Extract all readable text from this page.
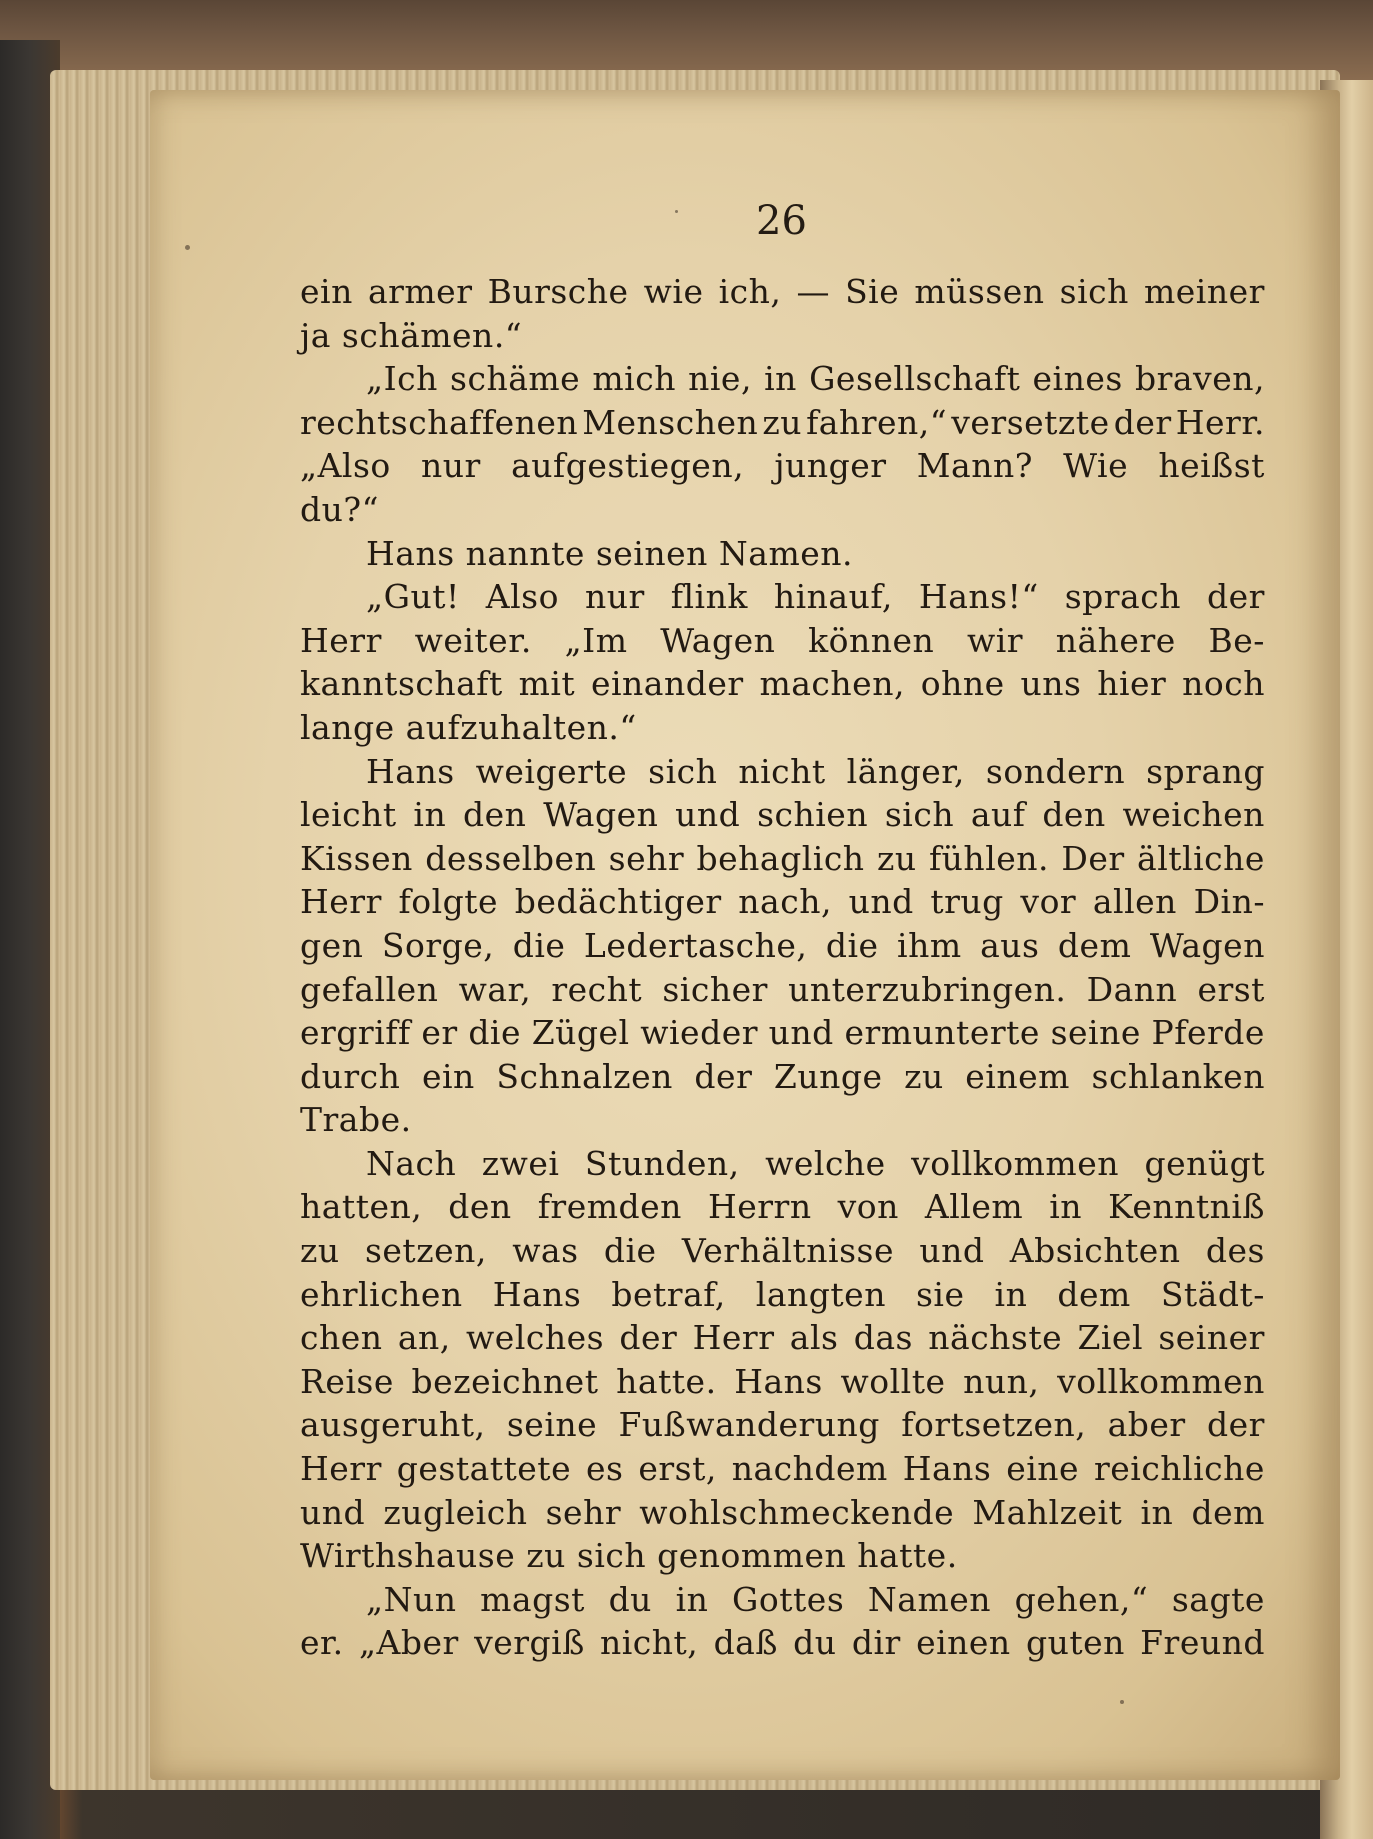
26
ein armer Bursche wie ich, — Sie müssen sich meiner
ja schämen.“
„Ich schäme mich nie, in Gesellschaft eines braven,
rechtschaffenen Menschen zu fahren,“ versetzte der Herr.
„Also nur aufgestiegen, junger Mann? Wie heißst
du?“
Hans nannte seinen Namen.
„Gut! Also nur flink hinauf, Hans!“ sprach der
Herr weiter. „Im Wagen können wir nähere Be-
kanntschaft mit einander machen, ohne uns hier noch
lange aufzuhalten.“
Hans weigerte sich nicht länger, sondern sprang
leicht in den Wagen und schien sich auf den weichen
Kissen desselben sehr behaglich zu fühlen. Der ältliche
Herr folgte bedächtiger nach, und trug vor allen Din-
gen Sorge, die Ledertasche, die ihm aus dem Wagen
gefallen war, recht sicher unterzubringen. Dann erst
ergriff er die Zügel wieder und ermunterte seine Pferde
durch ein Schnalzen der Zunge zu einem schlanken
Trabe.
Nach zwei Stunden, welche vollkommen genügt
hatten, den fremden Herrn von Allem in Kenntniß
zu setzen, was die Verhältnisse und Absichten des
ehrlichen Hans betraf, langten sie in dem Städt-
chen an, welches der Herr als das nächste Ziel seiner
Reise bezeichnet hatte. Hans wollte nun, vollkommen
ausgeruht, seine Fußwanderung fortsetzen, aber der
Herr gestattete es erst, nachdem Hans eine reichliche
und zugleich sehr wohlschmeckende Mahlzeit in dem
Wirthshause zu sich genommen hatte.
„Nun magst du in Gottes Namen gehen,“ sagte
er. „Aber vergiß nicht, daß du dir einen guten Freund
